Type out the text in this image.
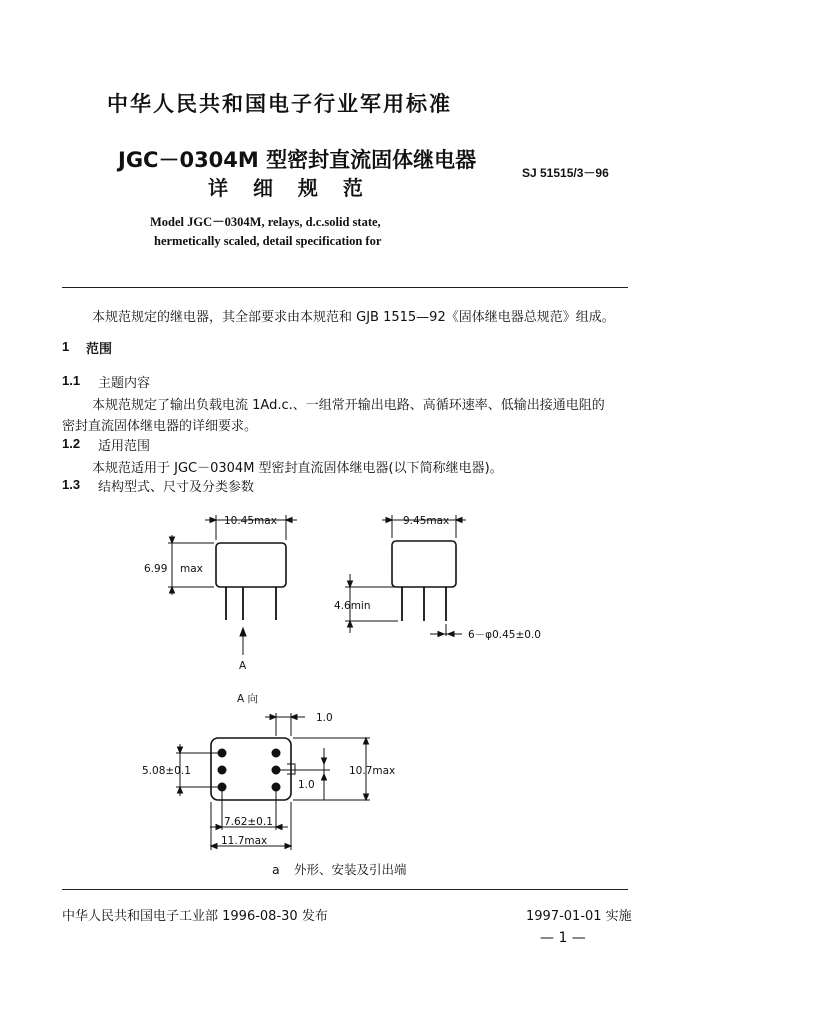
中华人民共和国电子行业军用标准
JGC－0304M 型密封直流固体继电器
详 细 规 范
SJ 51515/3－96
Model JGC－0304M, relays, d.c.solid state,
hermetically scaled, detail specification for
本规范规定的继电器，其全部要求由本规范和 GJB 1515—92《固体继电器总规范》组成。
1 范围
1.1 主题内容
本规范规定了输出负载电流 1Ad.c.、一组常开输出电路、高循环速率、低输出接通电阻的
密封直流固体继电器的详细要求。
1.2 适用范围
本规范适用于 JGC－0304M 型密封直流固体继电器(以下简称继电器)。
1.3 结构型式、尺寸及分类参数
10.45max
6.99 max
A
9.45max
4.6min
6－φ0.45±0.0
A 向
1.0
5.08±0.1
1.0
10.7max
7.62±0.1
11.7max
a 外形、安装及引出端
中华人民共和国电子工业部 1996-08-30 发布	1997-01-01 实施
— 1 —
